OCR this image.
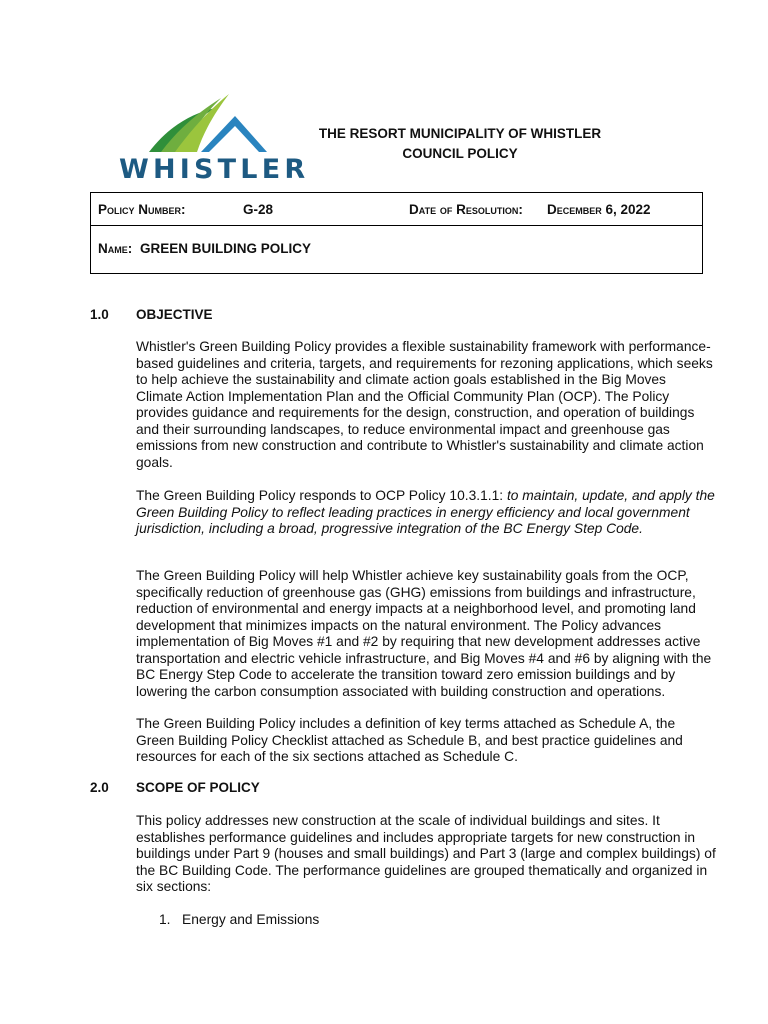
WHISTLER
THE RESORT MUNICIPALITY OF WHISTLER
COUNCIL POLICY
Policy Number:	G-28	Date of Resolution: December 6, 2022
Name: GREEN BUILDING POLICY
1.0 OBJECTIVE

Whistler's Green Building Policy provides a flexible sustainability framework with performance-based guidelines and criteria, targets, and requirements for rezoning applications, which seeks to help achieve the sustainability and climate action goals established in the Big Moves Climate Action Implementation Plan and the Official Community Plan (OCP). The Policy provides guidance and requirements for the design, construction, and operation of buildings and their surrounding landscapes, to reduce environmental impact and greenhouse gas emissions from new construction and contribute to Whistler's sustainability and climate action goals.

The Green Building Policy responds to OCP Policy 10.3.1.1: to maintain, update, and apply the Green Building Policy to reflect leading practices in energy efficiency and local government jurisdiction, including a broad, progressive integration of the BC Energy Step Code.

The Green Building Policy will help Whistler achieve key sustainability goals from the OCP, specifically reduction of greenhouse gas (GHG) emissions from buildings and infrastructure, reduction of environmental and energy impacts at a neighborhood level, and promoting land development that minimizes impacts on the natural environment. The Policy advances implementation of Big Moves #1 and #2 by requiring that new development addresses active transportation and electric vehicle infrastructure, and Big Moves #4 and #6 by aligning with the BC Energy Step Code to accelerate the transition toward zero emission buildings and by lowering the carbon consumption associated with building construction and operations.

The Green Building Policy includes a definition of key terms attached as Schedule A, the Green Building Policy Checklist attached as Schedule B, and best practice guidelines and resources for each of the six sections attached as Schedule C.

2.0 SCOPE OF POLICY

This policy addresses new construction at the scale of individual buildings and sites. It establishes performance guidelines and includes appropriate targets for new construction in buildings under Part 9 (houses and small buildings) and Part 3 (large and complex buildings) of the BC Building Code. The performance guidelines are grouped thematically and organized in six sections:

1. Energy and Emissions
